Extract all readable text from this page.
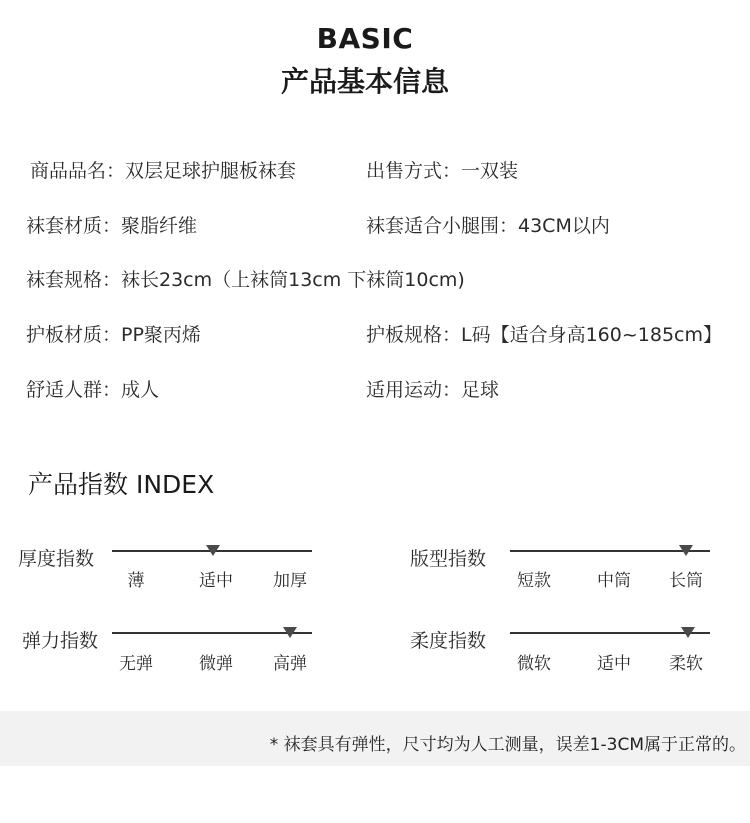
BASIC
产品基本信息
商品品名：双层足球护腿板袜套	出售方式：一双装
袜套材质：聚脂纤维	袜套适合小腿围：43CM以内
袜套规格：袜长23cm（上袜筒13cm 下袜筒10cm)
护板材质：PP聚丙烯	护板规格：L码【适合身高160~185cm】
舒适人群：成人	适用运动：足球
产品指数 INDEX
厚度指数
薄	适中	加厚
版型指数
短款	中筒	长筒
弹力指数
无弹	微弹	高弹
柔度指数
微软	适中	柔软
* 袜套具有弹性，尺寸均为人工测量，误差1-3CM属于正常的。
